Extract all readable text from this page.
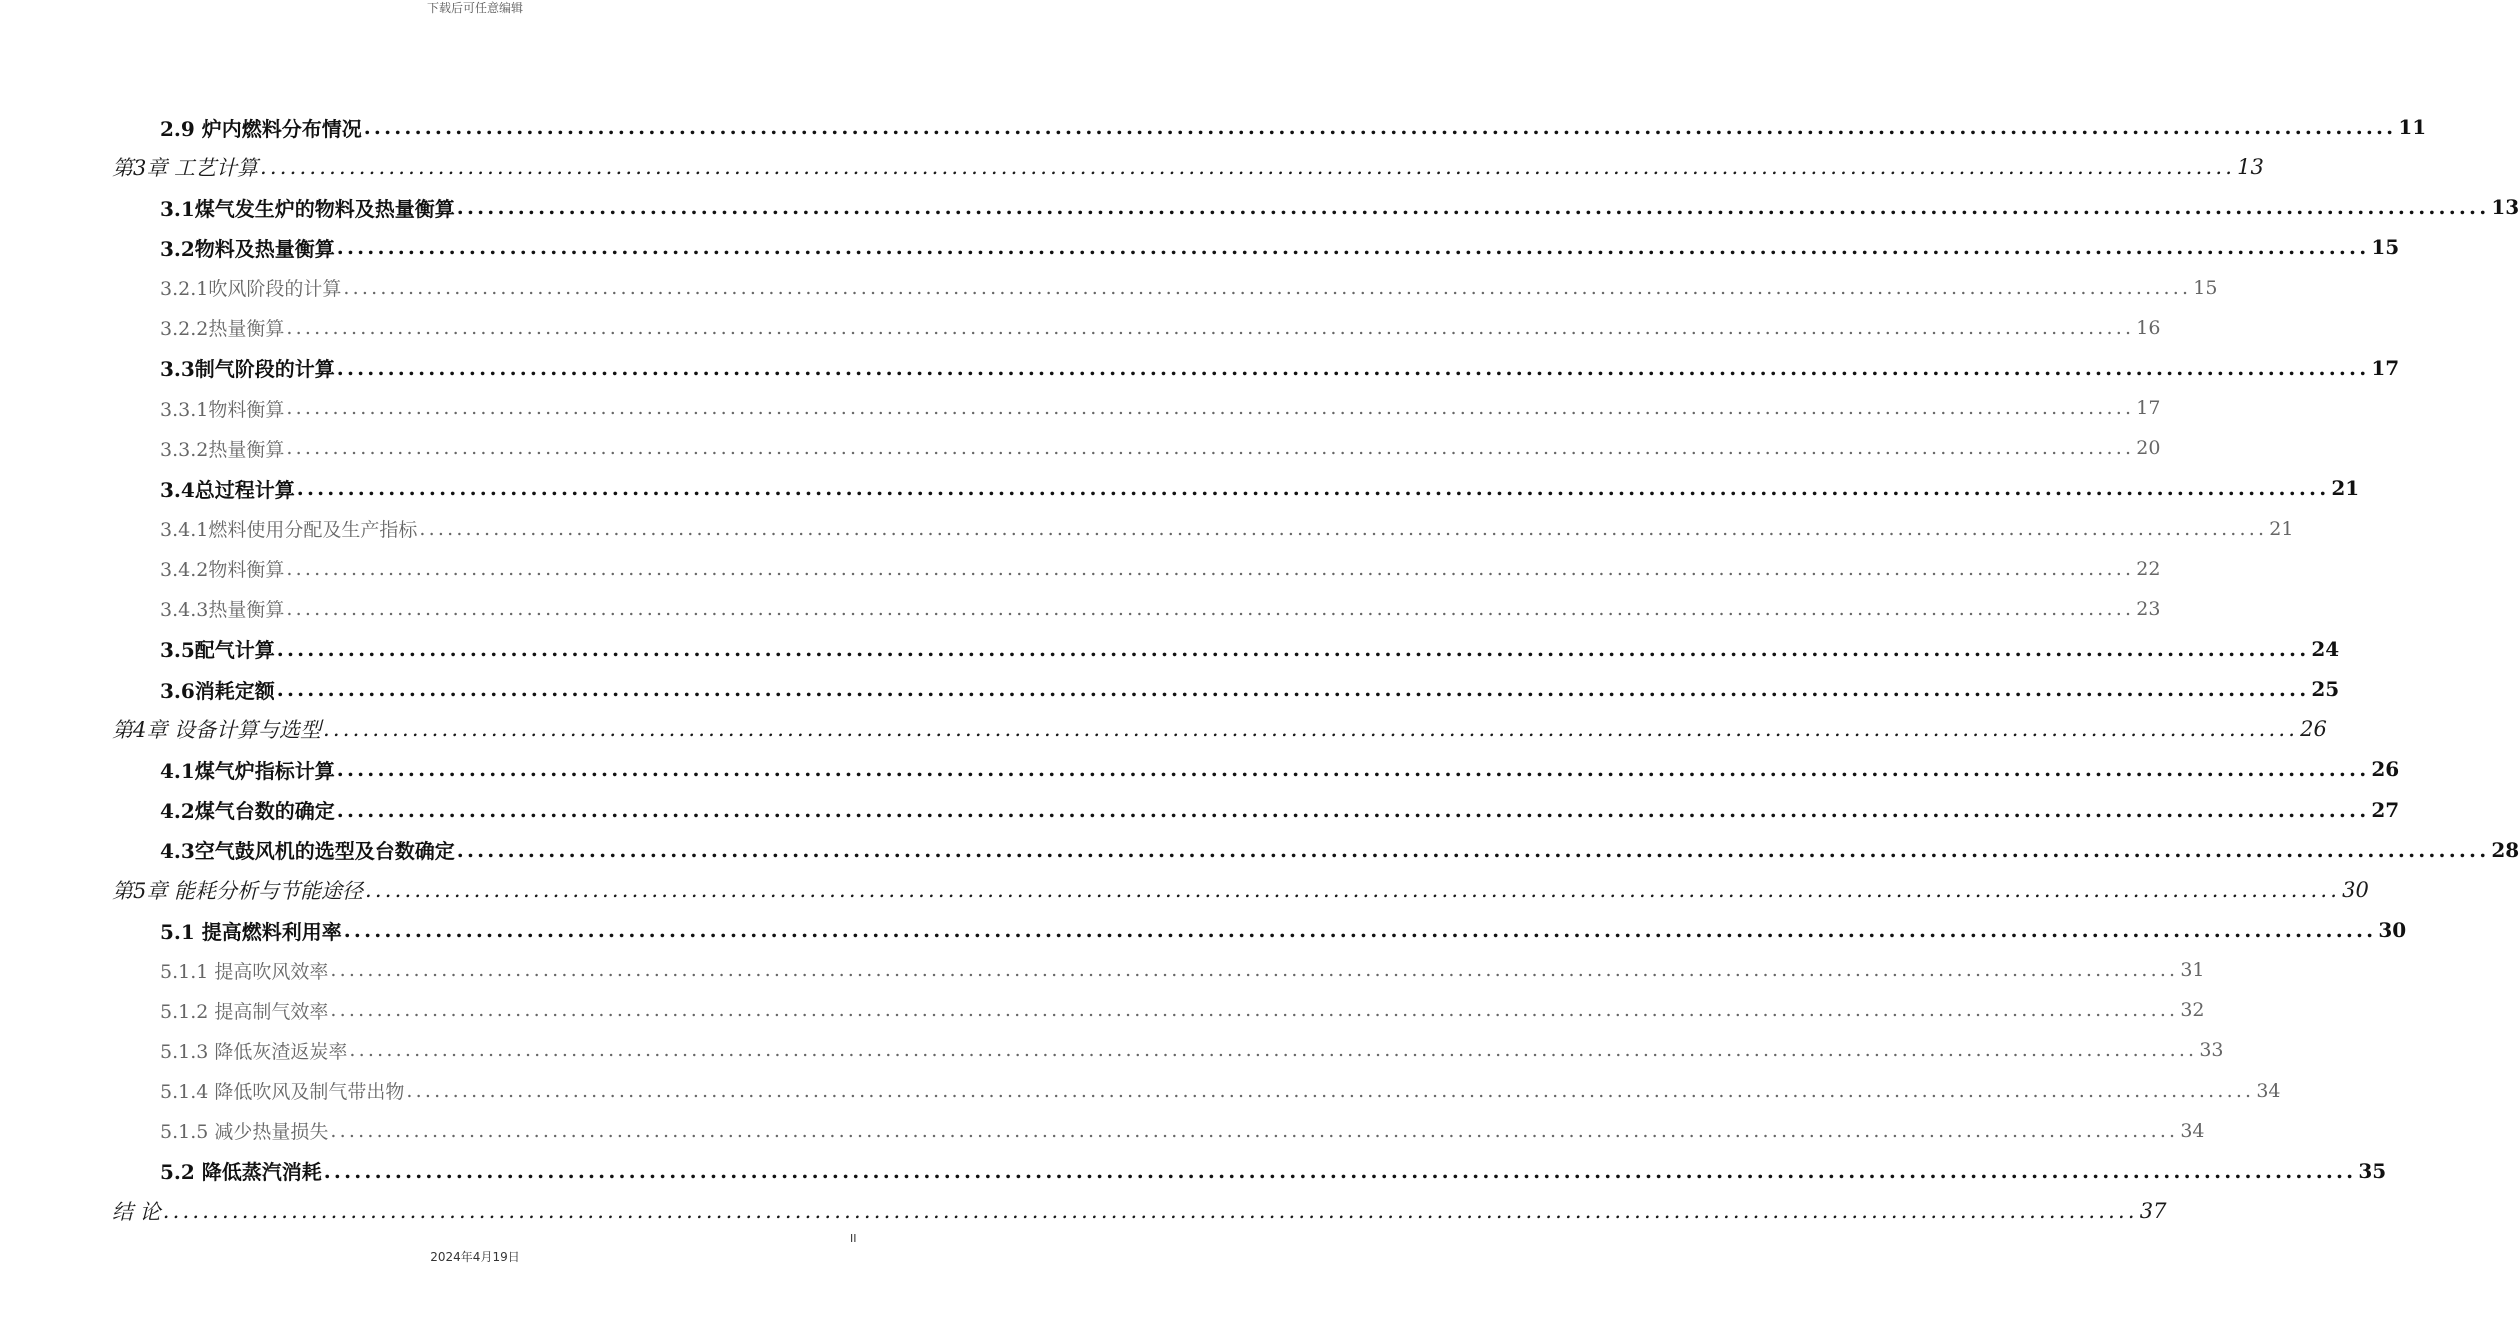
下载后可任意编辑
2.9 炉内燃料分布情况 ........................................................................................................................................................................................................ 11
第3章 工艺计算 ........................................................................................................................................................................................................ 13
3.1煤气发生炉的物料及热量衡算 ........................................................................................................................................................................................................ 13
3.2物料及热量衡算 ........................................................................................................................................................................................................ 15
3.2.1吹风阶段的计算 ........................................................................................................................................................................................................ 15
3.2.2热量衡算 ........................................................................................................................................................................................................ 16
3.3制气阶段的计算 ........................................................................................................................................................................................................ 17
3.3.1物料衡算 ........................................................................................................................................................................................................ 17
3.3.2热量衡算 ........................................................................................................................................................................................................ 20
3.4总过程计算 ........................................................................................................................................................................................................ 21
3.4.1燃料使用分配及生产指标 ........................................................................................................................................................................................................ 21
3.4.2物料衡算 ........................................................................................................................................................................................................ 22
3.4.3热量衡算 ........................................................................................................................................................................................................ 23
3.5配气计算 ........................................................................................................................................................................................................ 24
3.6消耗定额 ........................................................................................................................................................................................................ 25
第4章 设备计算与选型 ........................................................................................................................................................................................................ 26
4.1煤气炉指标计算 ........................................................................................................................................................................................................ 26
4.2煤气台数的确定 ........................................................................................................................................................................................................ 27
4.3空气鼓风机的选型及台数确定 ........................................................................................................................................................................................................ 28
第5章 能耗分析与节能途径 ........................................................................................................................................................................................................ 30
5.1 提高燃料利用率 ........................................................................................................................................................................................................ 30
5.1.1 提高吹风效率 ........................................................................................................................................................................................................ 31
5.1.2 提高制气效率 ........................................................................................................................................................................................................ 32
5.1.3 降低灰渣返炭率 ........................................................................................................................................................................................................ 33
5.1.4 降低吹风及制气带出物 ........................................................................................................................................................................................................ 34
5.1.5 减少热量损失 ........................................................................................................................................................................................................ 34
5.2 降低蒸汽消耗 ........................................................................................................................................................................................................ 35
结 论 ........................................................................................................................................................................................................ 37
II
2024年4月19日
